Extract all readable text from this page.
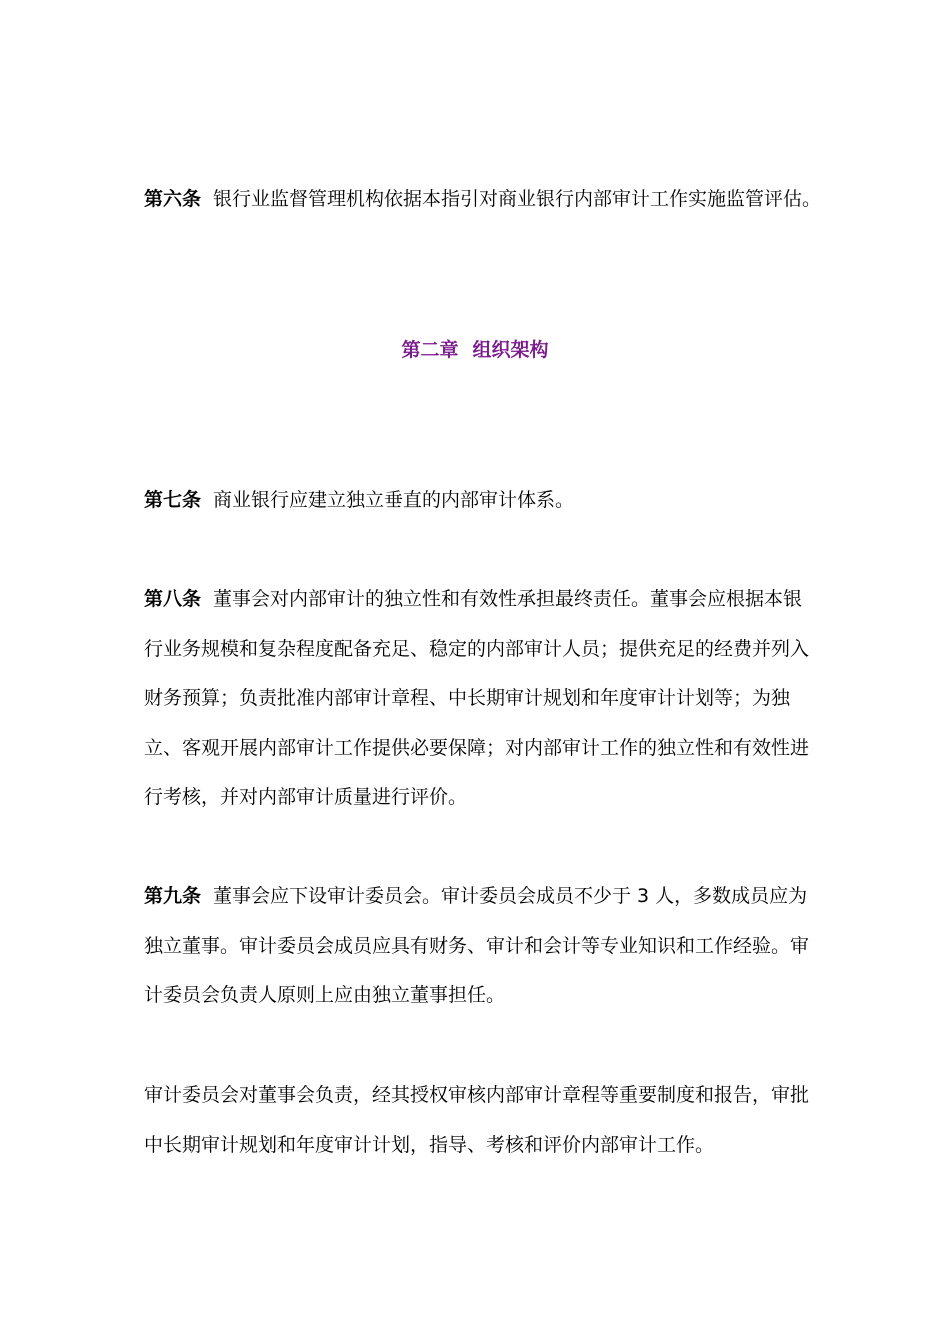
第六条 银行业监督管理机构依据本指引对商业银行内部审计工作实施监管评估。

第二章 组织架构

第七条 商业银行应建立独立垂直的内部审计体系。

第八条 董事会对内部审计的独立性和有效性承担最终责任。董事会应根据本银行业务规模和复杂程度配备充足、稳定的内部审计人员；提供充足的经费并列入财务预算；负责批准内部审计章程、中长期审计规划和年度审计计划等；为独立、客观开展内部审计工作提供必要保障；对内部审计工作的独立性和有效性进行考核，并对内部审计质量进行评价。

第九条 董事会应下设审计委员会。审计委员会成员不少于 3 人，多数成员应为独立董事。审计委员会成员应具有财务、审计和会计等专业知识和工作经验。审计委员会负责人原则上应由独立董事担任。

审计委员会对董事会负责，经其授权审核内部审计章程等重要制度和报告，审批中长期审计规划和年度审计计划，指导、考核和评价内部审计工作。
